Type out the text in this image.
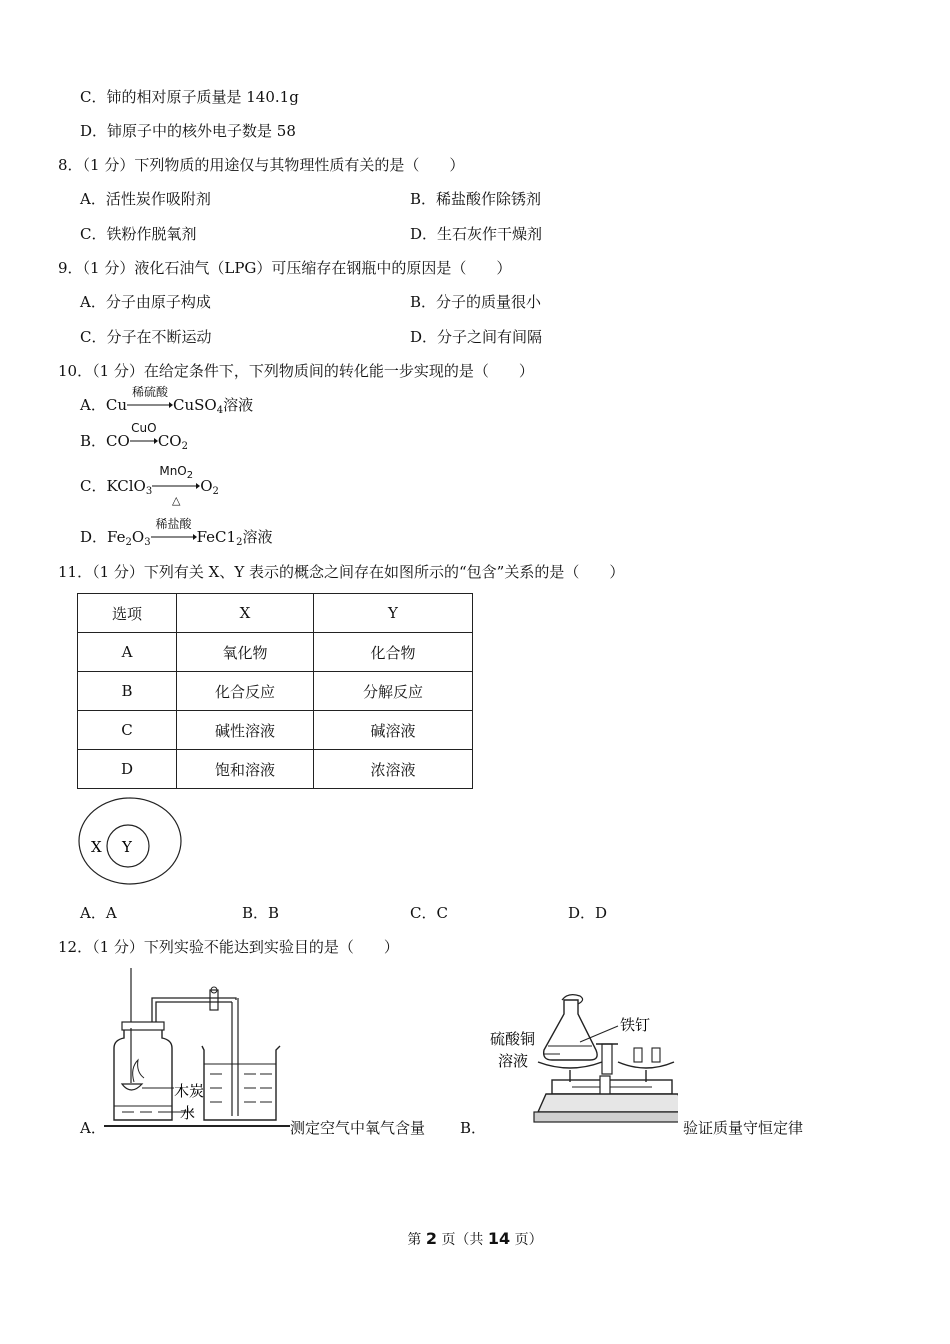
C．铈的相对原子质量是 140.1g
D．铈原子中的核外电子数是 58
8．（1 分）下列物质的用途仅与其物理性质有关的是（　　）
A．活性炭作吸附剂	B．稀盐酸作除锈剂
C．铁粉作脱氧剂	D．生石灰作干燥剂
9．（1 分）液化石油气（LPG）可压缩存在钢瓶中的原因是（　　）
A．分子由原子构成	B．分子的质量很小
C．分子在不断运动	D．分子之间有间隔
10．（1 分）在给定条件下，下列物质间的转化能一步实现的是（　　）
A．Cu
稀硫酸
CuSO$_4$溶液
B．CO
CuO
$CO_2$
C．KClO$_3$
MnO$_2$
△
$O_2$
D．$Fe_2O_3$
稀盐酸
$FeC1_2$溶液
11．（1 分）下列有关 X、Y 表示的概念之间存在如图所示的“包含”关系的是（　　）
选项	X	Y
A	氧化物	化合物
B	化合反应	分解反应
C	碱性溶液	碱溶液
D	饱和溶液	浓溶液
X Y
A．A	B．B	C．C	D．D
12．（1 分）下列实验不能达到实验目的是（　　）
木炭
水
A．	测定空气中氧气含量 B．
硫酸铜
溶液
铁钉
验证质量守恒定律
第 2 页（共 14 页）
